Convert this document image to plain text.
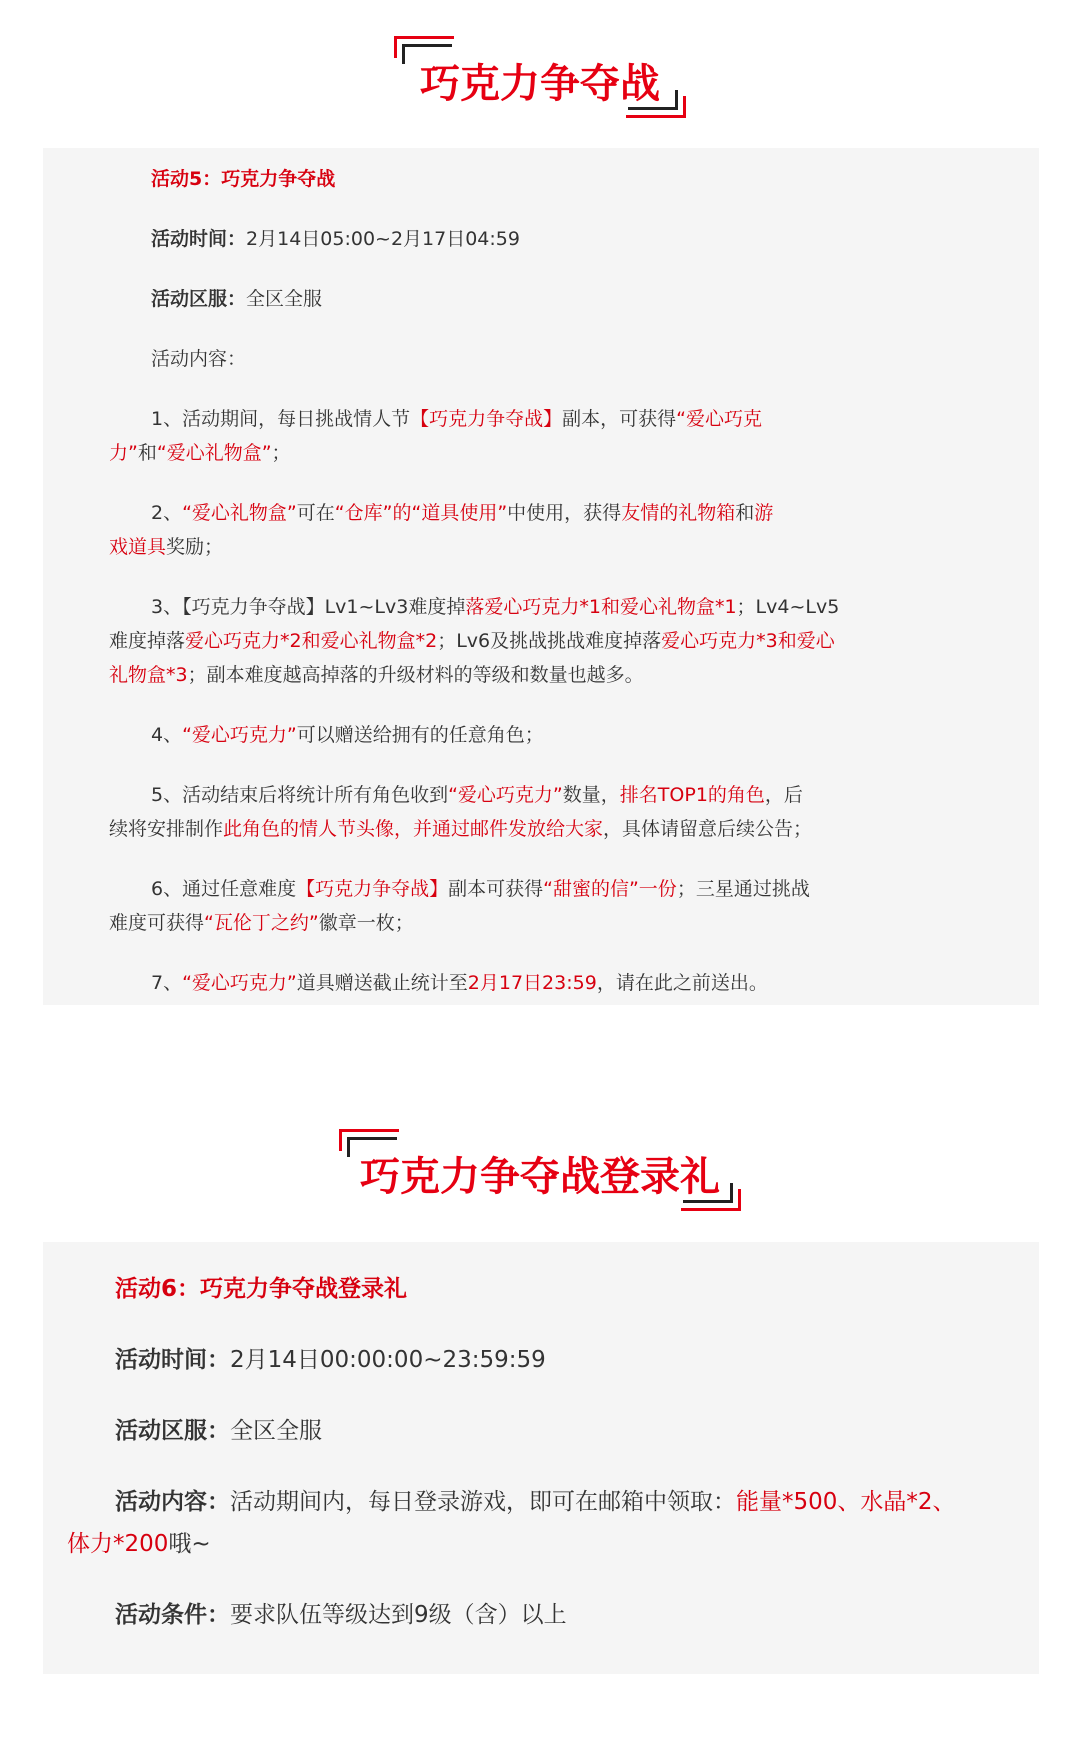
巧克力争夺战
活动5：巧克力争夺战
活动时间：2月14日05:00~2月17日04:59
活动区服：全区全服
活动内容：
1、活动期间，每日挑战情人节【巧克力争夺战】副本，可获得“爱心巧克
力”和“爱心礼物盒”；
2、“爱心礼物盒”可在“仓库”的“道具使用”中使用，获得友情的礼物箱和游
戏道具奖励；
3、【巧克力争夺战】Lv1~Lv3难度掉落爱心巧克力*1和爱心礼物盒*1；Lv4~Lv5
难度掉落爱心巧克力*2和爱心礼物盒*2；Lv6及挑战挑战难度掉落爱心巧克力*3和爱心
礼物盒*3；副本难度越高掉落的升级材料的等级和数量也越多。
4、“爱心巧克力”可以赠送给拥有的任意角色；
5、活动结束后将统计所有角色收到“爱心巧克力”数量，排名TOP1的角色，后
续将安排制作此角色的情人节头像，并通过邮件发放给大家，具体请留意后续公告；
6、通过任意难度【巧克力争夺战】副本可获得“甜蜜的信”一份；三星通过挑战
难度可获得“瓦伦丁之约”徽章一枚；
7、“爱心巧克力”道具赠送截止统计至2月17日23:59，请在此之前送出。
巧克力争夺战登录礼
活动6：巧克力争夺战登录礼
活动时间：2月14日00:00:00~23:59:59
活动区服：全区全服
活动内容：活动期间内，每日登录游戏，即可在邮箱中领取：能量*500、水晶*2、
体力*200哦~
活动条件：要求队伍等级达到9级（含）以上
